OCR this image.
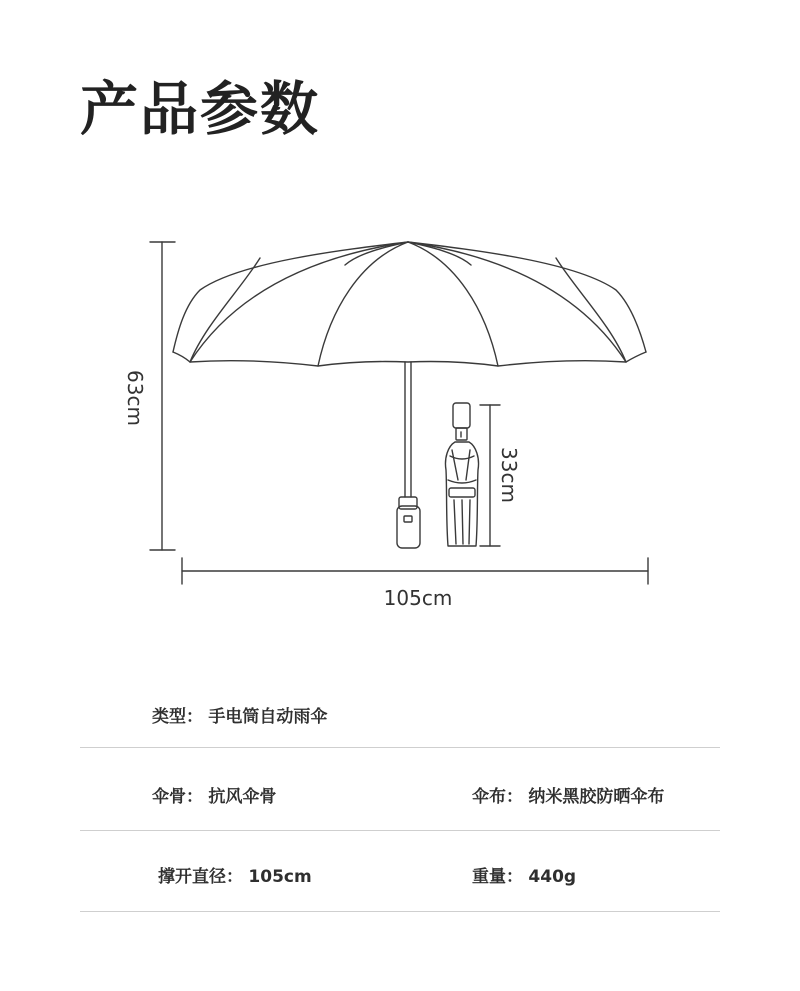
产品参数
63cm
33cm
105cm
类型： 手电筒自动雨伞
伞骨： 抗风伞骨	伞布： 纳米黑胶防晒伞布
撑开直径： 105cm	重量： 440g
